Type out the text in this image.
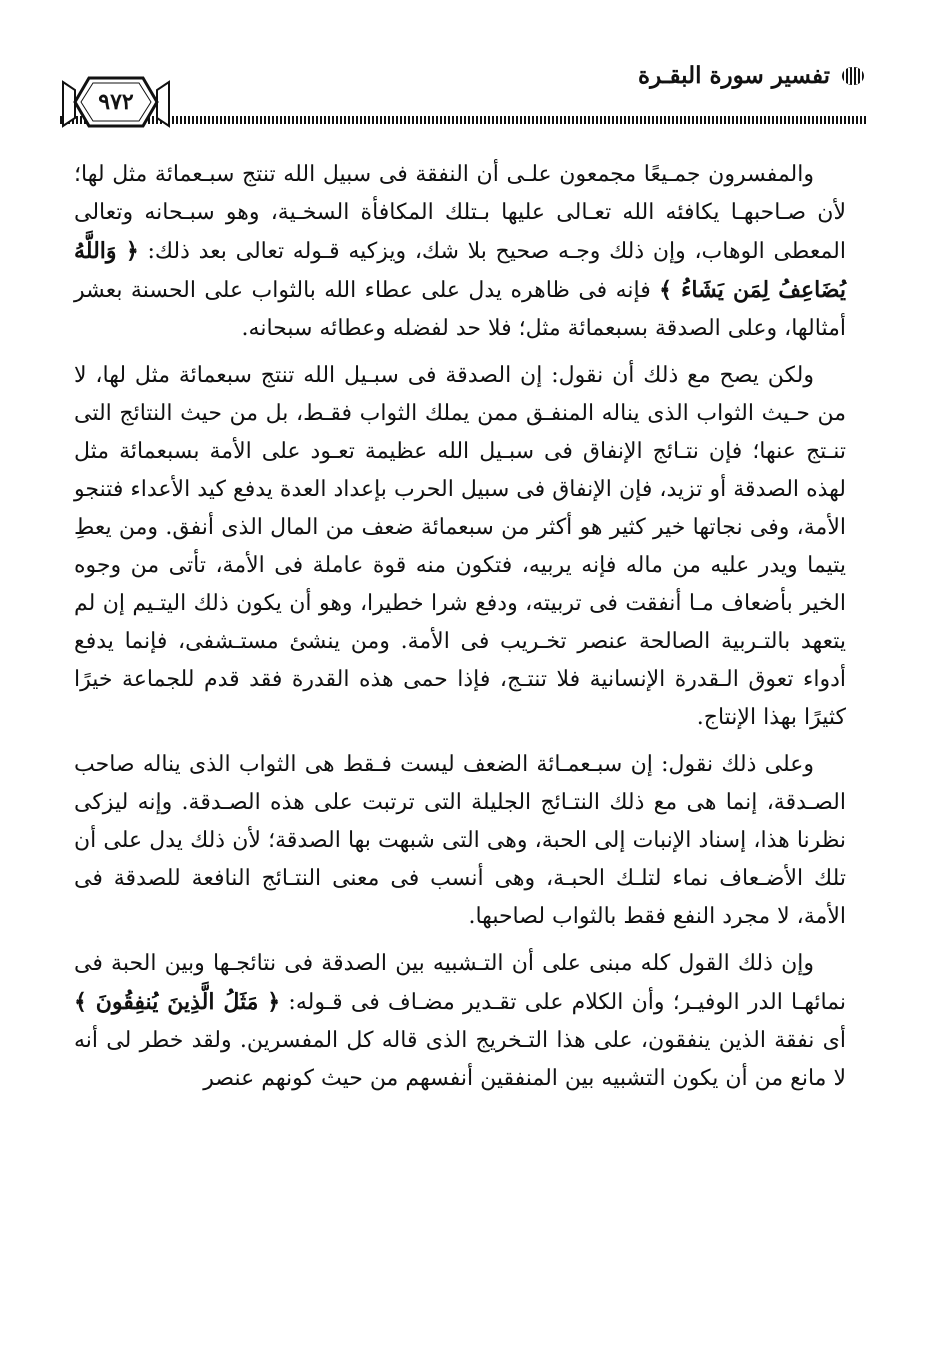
تفسير سورة البقـرة
٩٧٢

والمفسرون جمـيعًا مجمعون علـى أن النفقة فى سبيل الله تنتج سبـعمائة مثل لها؛ لأن صـاحبهـا يكافئه الله تعـالى عليها بـتلك المكافأة السخـية، وهو سبـحانه وتعالى المعطى الوهاب، وإن ذلك وجـه صحيح بلا شك، ويزكيه قـوله تعالى بعد ذلك: ﴿ وَاللَّهُ يُضَاعِفُ لِمَن يَشَاءُ ﴾ فإنه فى ظاهره يدل على عطاء الله بالثواب على الحسنة بعشر أمثالها، وعلى الصدقة بسبعمائة مثل؛ فلا حد لفضله وعطائه سبحانه.

ولكن يصح مع ذلك أن نقول: إن الصدقة فى سبـيل الله تنتج سبعمائة مثل لها، لا من حـيث الثواب الذى يناله المنفـق ممن يملك الثواب فقـط، بل من حيث النتائج التى تنـتج عنها؛ فإن نتـائج الإنفاق فى سبـيل الله عظيمة تعـود على الأمة بسبعمائة مثل لهذه الصدقة أو تزيد، فإن الإنفاق فى سبيل الحرب بإعداد العدة يدفع كيد الأعداء فتنجو الأمة، وفى نجاتها خير كثير هو أكثر من سبعمائة ضعف من المال الذى أنفق. ومن يعطِ يتيما ويدر عليه من ماله فإنه يربيه، فتكون منه قوة عاملة فى الأمة، تأتى من وجوه الخير بأضعاف مـا أنفقت فى تربيته، ودفع شرا خطيرا، وهو أن يكون ذلك اليتـيم إن لم يتعهد بالتـربية الصالحة عنصر تخـريب فى الأمة. ومن ينشئ مستـشفى، فإنما يدفع أدواء تعوق الـقدرة الإنسانية فلا تنتـج، فإذا حمى هذه القدرة فقد قدم للجماعة خيرًا كثيرًا بهذا الإنتاج.

وعلى ذلك نقول: إن سبـعمـائة الضعف ليست فـقط هى الثواب الذى يناله صاحب الصـدقة، إنما هى مع ذلك النتـائج الجليلة التى ترتبت على هذه الصـدقة. وإنه ليزكى نظرنا هذا، إسناد الإنبات إلى الحبة، وهى التى شبهت بها الصدقة؛ لأن ذلك يدل على أن تلك الأضـعاف نماء لتلـك الحبـة، وهى أنسب فى معنى النتـائج النافعة للصدقة فى الأمة، لا مجرد النفع فقط بالثواب لصاحبها.

وإن ذلك القول كله مبنى على أن التـشبيه بين الصدقة فى نتائجـها وبين الحبة فى نمائهـا الدر الوفيـر؛ وأن الكلام على تقـدير مضـاف فى قـوله: ﴿ مَثَلُ الَّذِينَ يُنفِقُونَ ﴾ أى نفقة الذين ينفقون، على هذا التـخريج الذى قاله كل المفسرين. ولقد خطر لى أنه لا مانع من أن يكون التشبيه بين المنفقين أنفسهم من حيث كونهم عنصر
